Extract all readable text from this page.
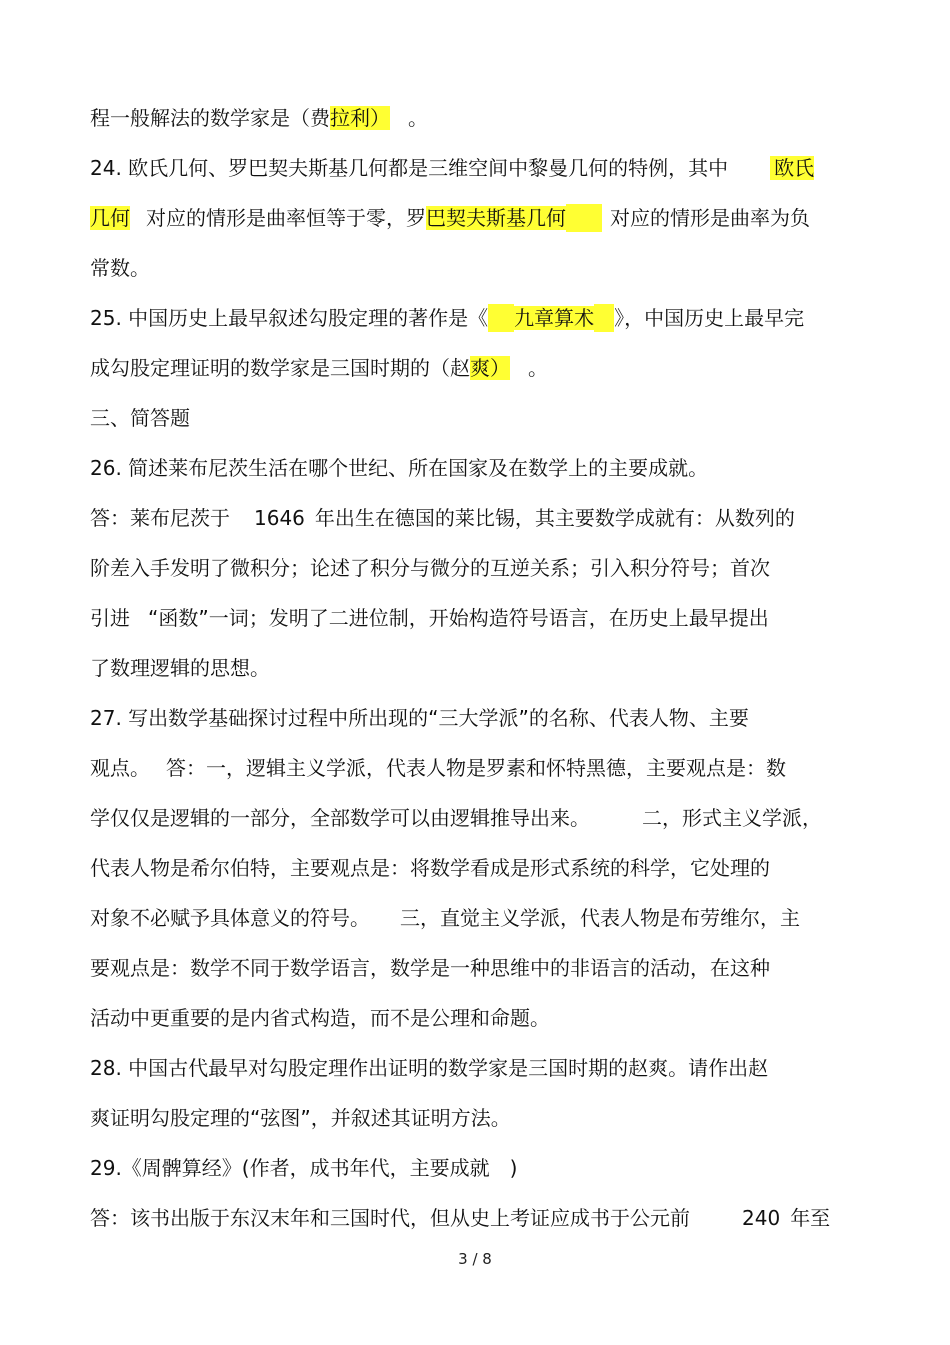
程一般解法的数学家是（费拉利） 。
24. 欧氏几何、罗巴契夫斯基几何都是三维空间中黎曼几何的特例，其中 欧氏
几何 对应的情形是曲率恒等于零，罗巴契夫斯基几何 对应的情形是曲率为负
常数。
25. 中国历史上最早叙述勾股定理的著作是《 九章算术 》，中国历史上最早完
成勾股定理证明的数学家是三国时期的（赵爽） 。
三、简答题
26. 简述莱布尼茨生活在哪个世纪、所在国家及在数学上的主要成就。
答：莱布尼茨于 1646 年出生在德国的莱比锡，其主要数学成就有：从数列的
阶差入手发明了微积分；论述了积分与微分的互逆关系；引入积分符号；首次
引进 “函数”一词；发明了二进位制，开始构造符号语言，在历史上最早提出
了数理逻辑的思想。
27. 写出数学基础探讨过程中所出现的“三大学派”的名称、代表人物、主要
观点。 答：一，逻辑主义学派，代表人物是罗素和怀特黑德，主要观点是：数
学仅仅是逻辑的一部分，全部数学可以由逻辑推导出来。	二，形式主义学派，
代表人物是希尔伯特，主要观点是：将数学看成是形式系统的科学，它处理的
对象不必赋予具体意义的符号。 三，直觉主义学派，代表人物是布劳维尔，主
要观点是：数学不同于数学语言，数学是一种思维中的非语言的活动，在这种
活动中更重要的是内省式构造，而不是公理和命题。
28. 中国古代最早对勾股定理作出证明的数学家是三国时期的赵爽。请作出赵
爽证明勾股定理的“弦图”，并叙述其证明方法。
29.《周髀算经》(作者，成书年代，主要成就 )
答：该书出版于东汉末年和三国时代，但从史上考证应成书于公元前	240 年至
3 / 8
